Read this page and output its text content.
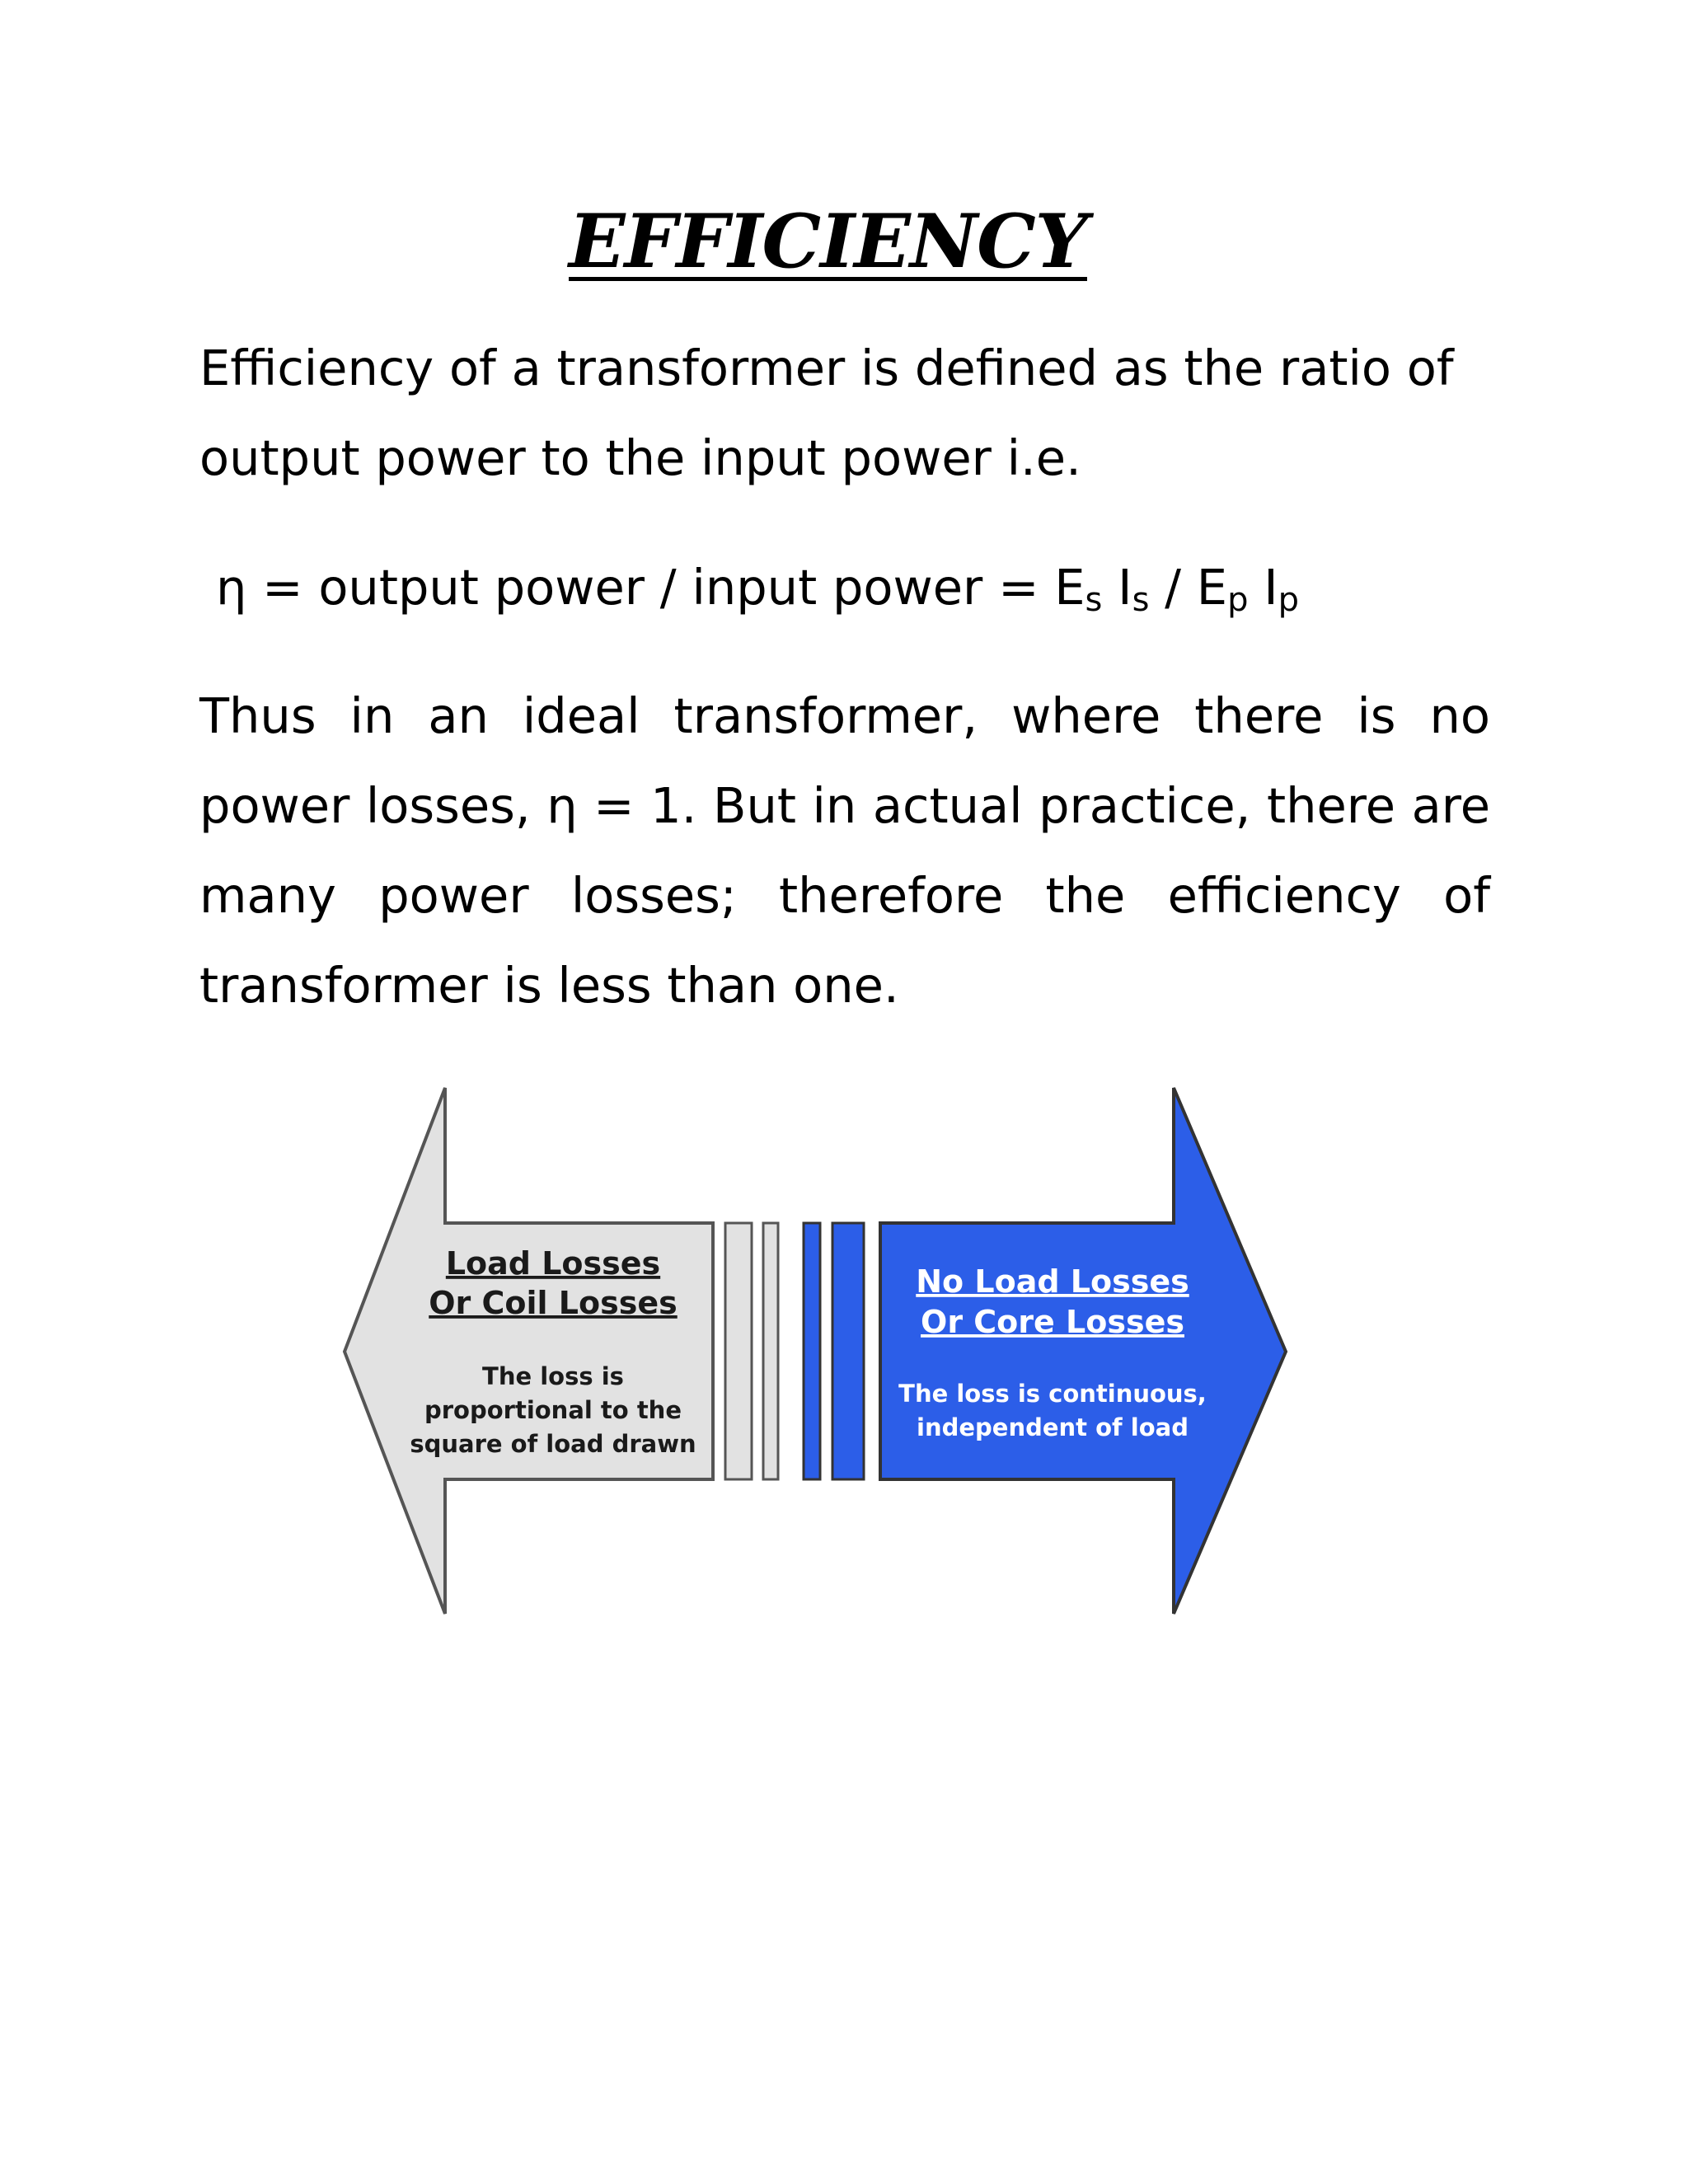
EFFICIENCY

Efficiency of a transformer is defined as the ratio of output power to the input power i.e.

η = output power / input power = $E_s$ $I_s / E_p$ $I_p$

Thus in an ideal transformer, where there is no power losses, η = 1. But in actual practice, there are many power losses; therefore the efficiency of transformer is less than one.

Load Losses
Or Coil Losses
The loss is
proportional to the
square of load drawn
No Load Losses
Or Core Losses
The loss is continuous,
independent of load
